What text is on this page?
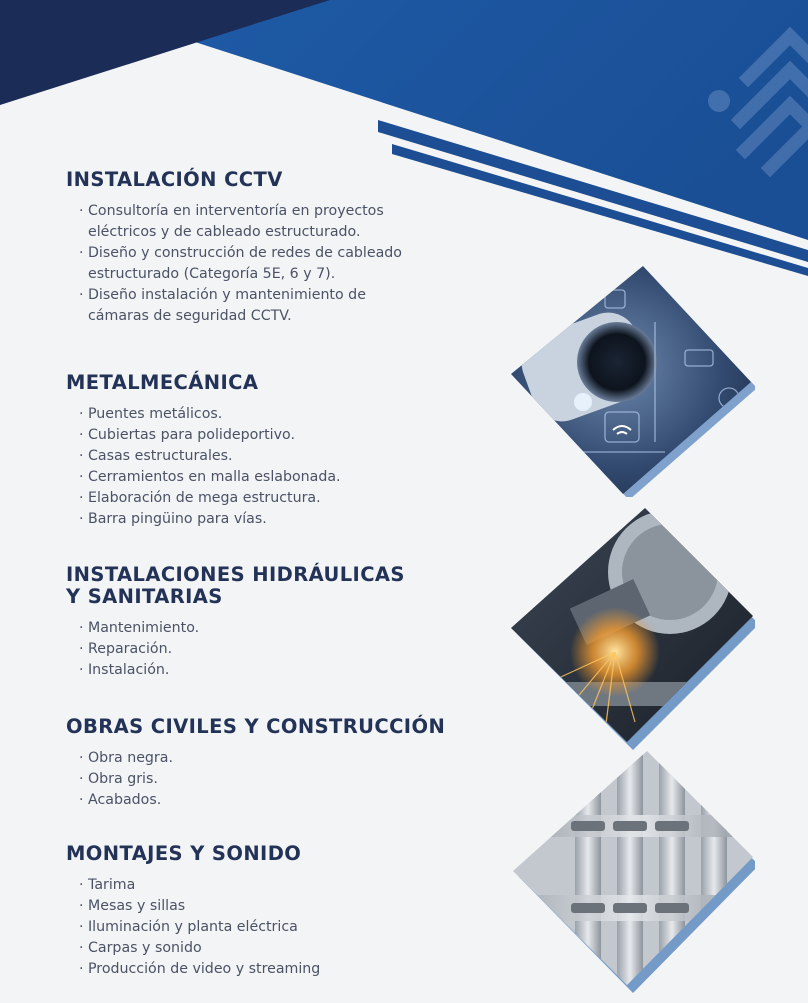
INSTALACIÓN CCTV
· Consultoría en interventoría en proyectos eléctricos y de cableado estructurado.
· Diseño y construcción de redes de cableado estructurado (Categoría 5E, 6 y 7).
· Diseño instalación y mantenimiento de cámaras de seguridad CCTV.
METALMECÁNICA
· Puentes metálicos.
· Cubiertas para polideportivo.
· Casas estructurales.
· Cerramientos en malla eslabonada.
· Elaboración de mega estructura.
· Barra pingüino para vías.
INSTALACIONES HIDRÁULICAS
Y SANITARIAS
· Mantenimiento.
· Reparación.
· Instalación.
OBRAS CIVILES Y CONSTRUCCIÓN
· Obra negra.
· Obra gris.
· Acabados.
MONTAJES Y SONIDO
· Tarima
· Mesas y sillas
· Iluminación y planta eléctrica
· Carpas y sonido
· Producción de video y streaming
